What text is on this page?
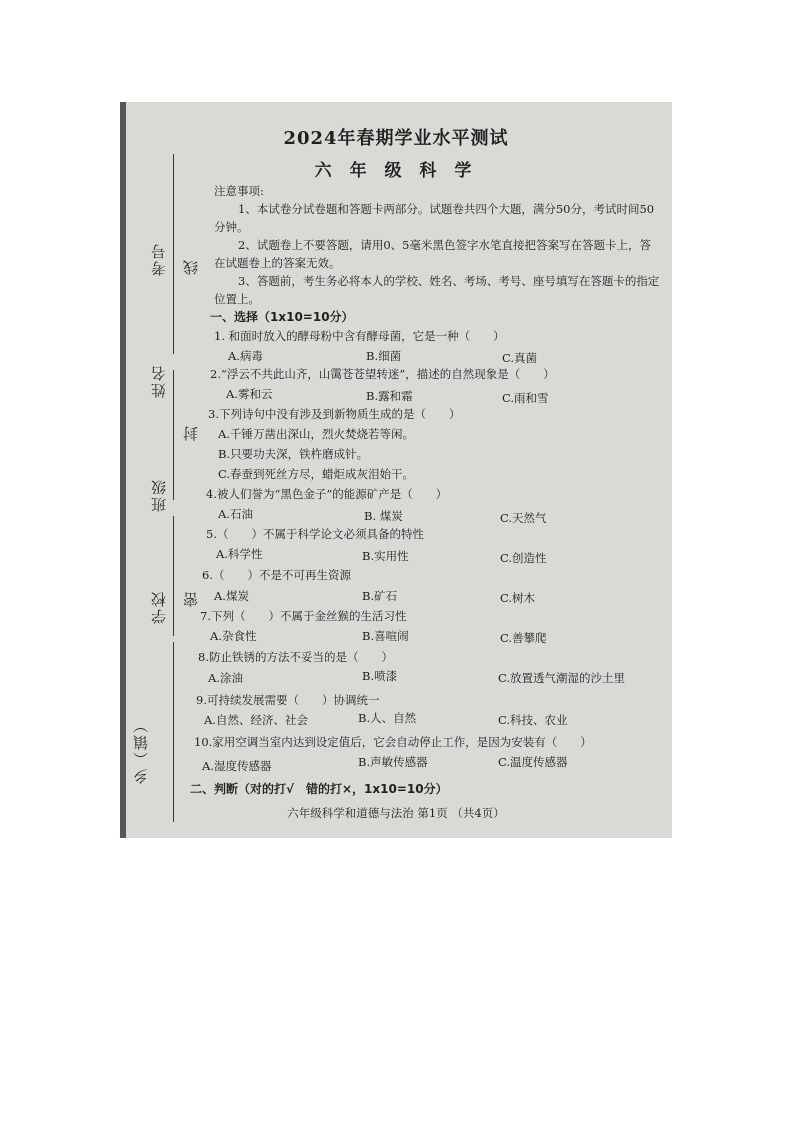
考号
姓名
班级
学校
乡（镇）
线
封
密
2024年春期学业水平测试
六 年 级 科 学

注意事项:

1、本试卷分试卷题和答题卡两部分。试题卷共四个大题，满分50分，考试时间50分钟。

2、试题卷上不要答题，请用0、5毫米黑色签字水笔直接把答案写在答题卡上，答在试题卷上的答案无效。

3、答题前，考生务必将本人的学校、姓名、考场、考号、座号填写在答题卡的指定位置上。

一、选择（1x10=10分）
1. 和面时放入的酵母粉中含有酵母菌，它是一种（　　）
A.病毒	B.细菌	C.真菌
2.“浮云不共此山齐，山霭苍苍望转迷”，描述的自然现象是（　　）
A.雾和云	B.露和霜	C.雨和雪
3.下列诗句中没有涉及到新物质生成的是（　　）
A.千锤万凿出深山，烈火焚烧若等闲。
B.只要功夫深，铁杵磨成针。
C.春蚕到死丝方尽，蜡炬成灰泪始干。
4.被人们誉为“黑色金子”的能源矿产是（　　）
A.石油	B. 煤炭	C.天然气
5.（　　）不属于科学论文必须具备的特性
A.科学性	B.实用性	C.创造性
6.（　　）不是不可再生资源
A.煤炭	B.矿石	C.树木
7.下列（　　）不属于金丝猴的生活习性
A.杂食性	B.喜喧闹	C.善攀爬
8.防止铁锈的方法不妥当的是（　　）
A.涂油	B.喷漆	C.放置透气潮湿的沙土里
9.可持续发展需要（　　）协调统一
A.自然、经济、社会	B.人、自然	C.科技、农业
10.家用空调当室内达到设定值后，它会自动停止工作，是因为安装有（　　）
A.湿度传感器	B.声敏传感器	C.温度传感器
二、判断（对的打√　错的打×，1x10=10分）
六年级科学和道德与法治 第1页 （共4页）
